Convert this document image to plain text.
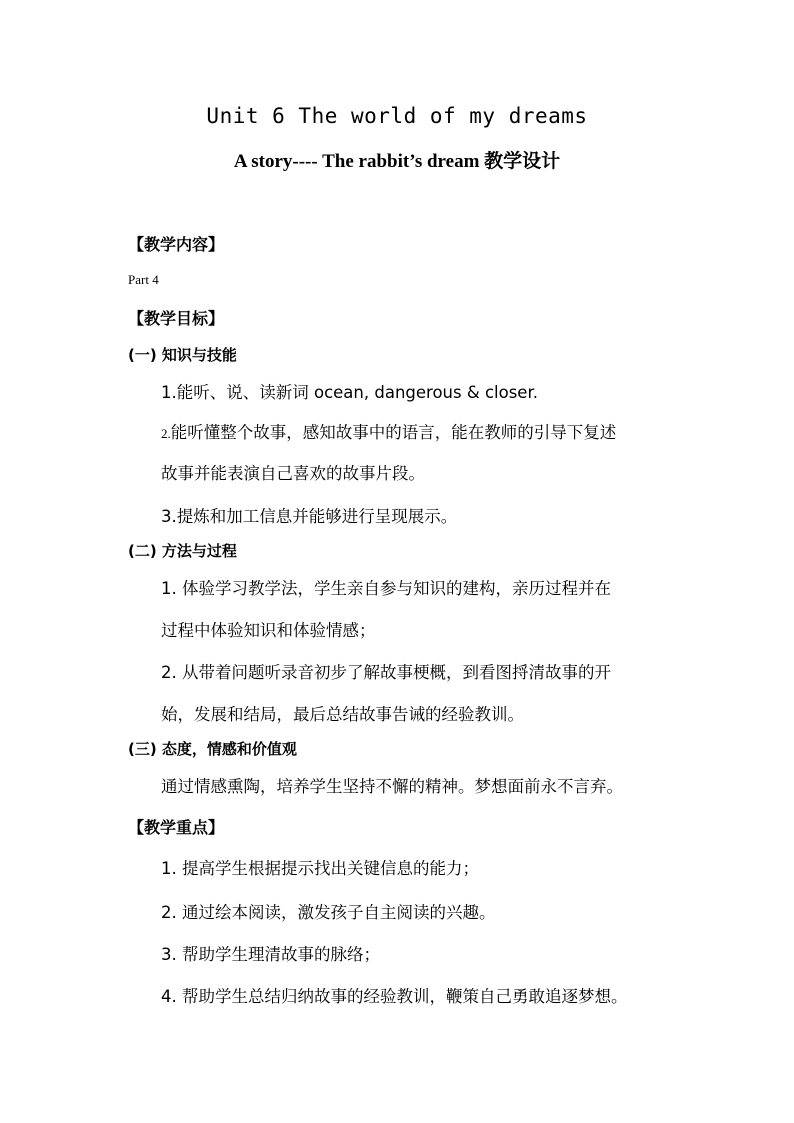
Unit 6 The world of my dreams
A story---- The rabbit’s dream 教学设计
【教学内容】
Part 4
【教学目标】
(一) 知识与技能
1.能听、说、读新词 ocean, dangerous & closer.
2.能听懂整个故事，感知故事中的语言，能在教师的引导下复述
故事并能表演自己喜欢的故事片段。
3.提炼和加工信息并能够进行呈现展示。
(二) 方法与过程
1. 体验学习教学法，学生亲自参与知识的建构，亲历过程并在
过程中体验知识和体验情感；
2. 从带着问题听录音初步了解故事梗概，到看图捋清故事的开
始，发展和结局，最后总结故事告诫的经验教训。
(三) 态度，情感和价值观
通过情感熏陶，培养学生坚持不懈的精神。梦想面前永不言弃。
【教学重点】
1. 提高学生根据提示找出关键信息的能力；
2. 通过绘本阅读，激发孩子自主阅读的兴趣。
3. 帮助学生理清故事的脉络；
4. 帮助学生总结归纳故事的经验教训，鞭策自己勇敢追逐梦想。
